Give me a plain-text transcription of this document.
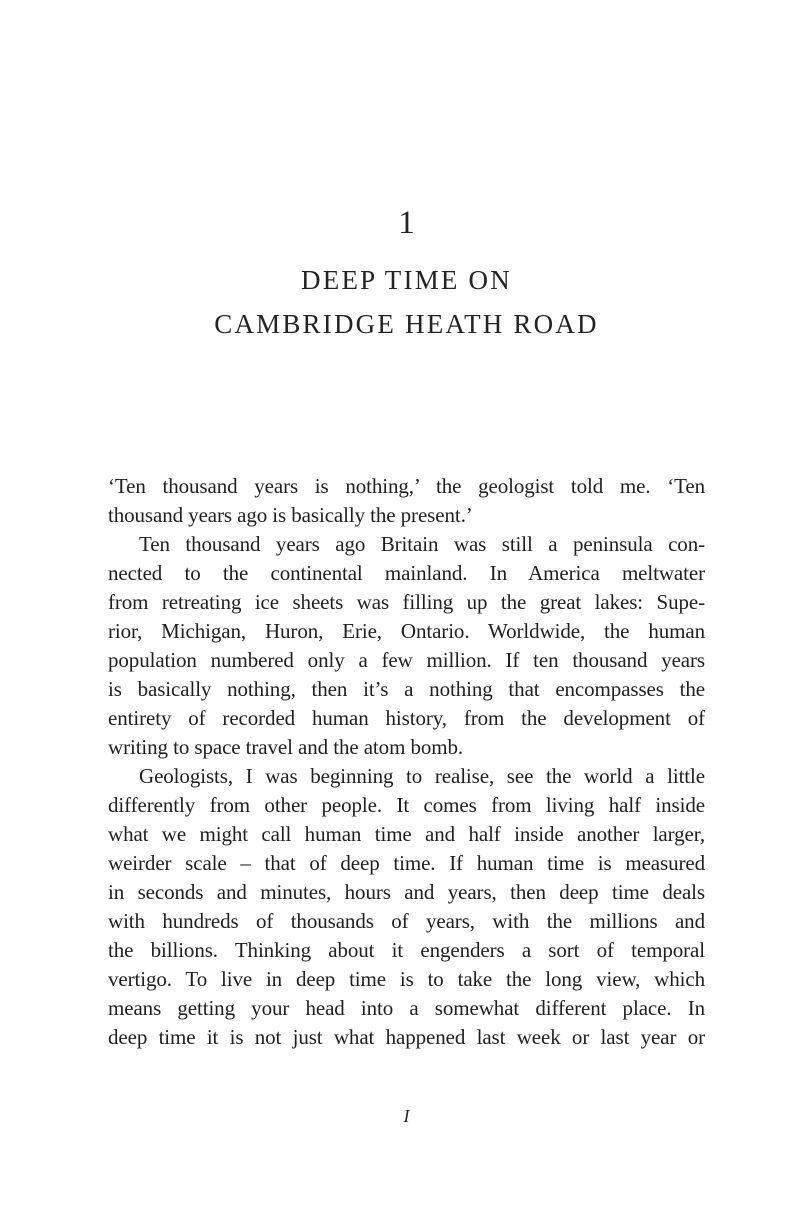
1
DEEP TIME ON
CAMBRIDGE HEATH ROAD
‘Ten thousand years is nothing,’ the geologist told me. ‘Ten
thousand years ago is basically the present.’
Ten thousand years ago Britain was still a peninsula con-
nected to the continental mainland. In America meltwater
from retreating ice sheets was filling up the great lakes: Supe-
rior, Michigan, Huron, Erie, Ontario. Worldwide, the human
population numbered only a few million. If ten thousand years
is basically nothing, then it’s a nothing that encompasses the
entirety of recorded human history, from the development of
writing to space travel and the atom bomb.
Geologists, I was beginning to realise, see the world a little
differently from other people. It comes from living half inside
what we might call human time and half inside another larger,
weirder scale – that of deep time. If human time is measured
in seconds and minutes, hours and years, then deep time deals
with hundreds of thousands of years, with the millions and
the billions. Thinking about it engenders a sort of temporal
vertigo. To live in deep time is to take the long view, which
means getting your head into a somewhat different place. In
deep time it is not just what happened last week or last year or
I
